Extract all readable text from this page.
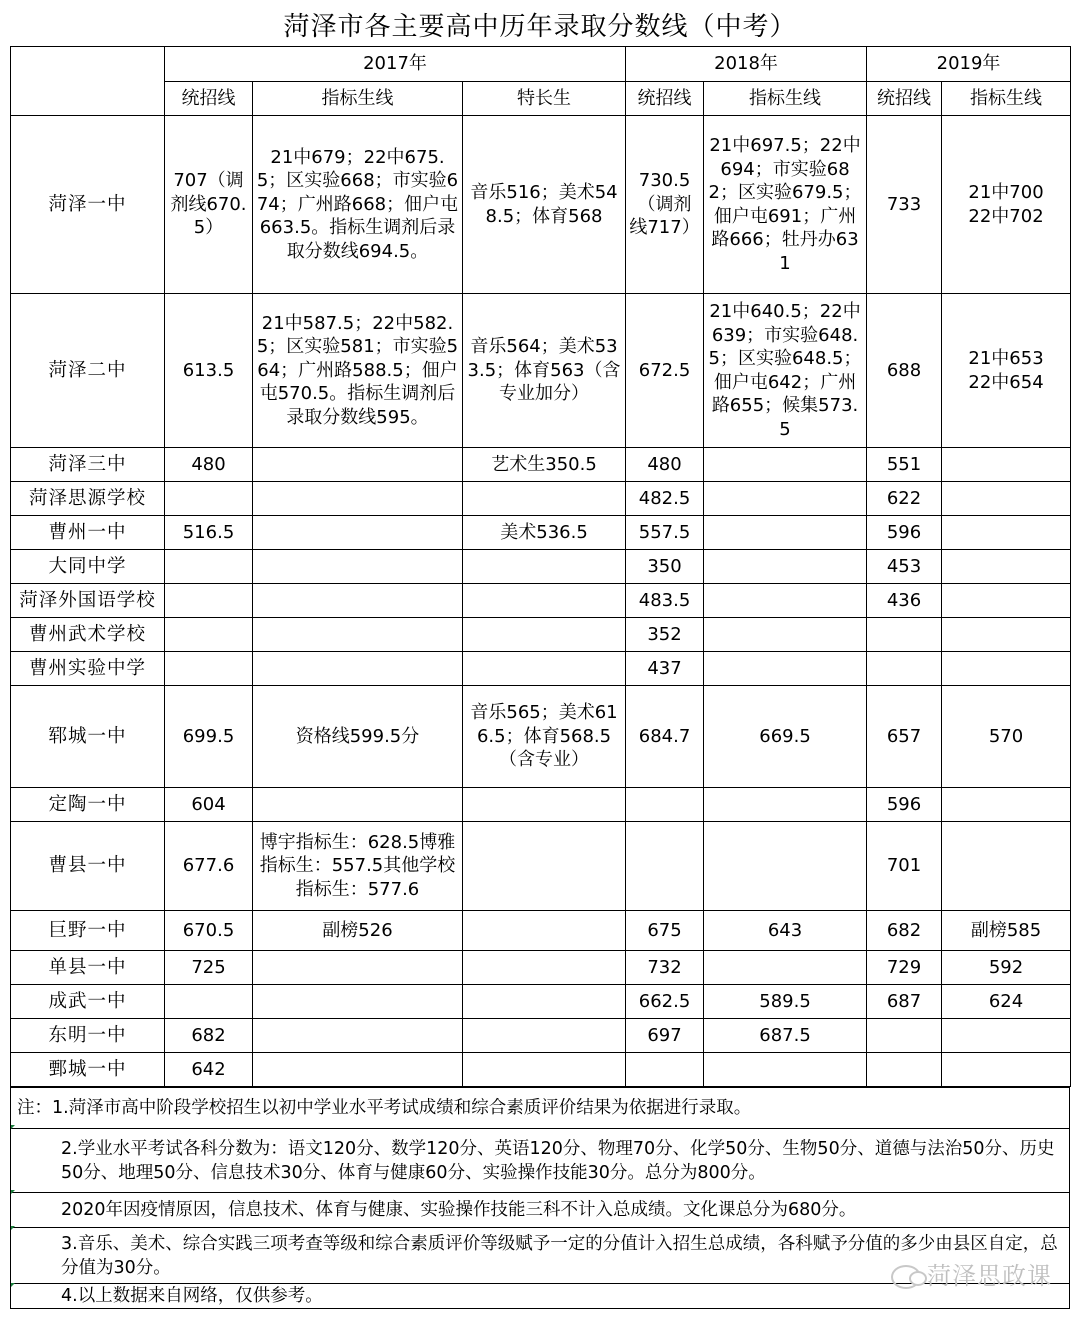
菏泽市各主要高中历年录取分数线（中考）
	2017年			2018年		2019年	
	统招线	指标生线	特长生	统招线	指标生线	统招线	指标生线
菏泽一中	707（调剂线670.5）	21中679；22中675.5；区实验668；市实验674；广州路668；佃户屯663.5。指标生调剂后录取分数线694.5。	音乐516；美术548.5；体育568	730.5（调剂线717）	21中697.5；22中694；市实验682；区实验679.5；佃户屯691；广州路666；牡丹办631	733	21中700
22中702
菏泽二中	613.5	21中587.5；22中582.5；区实验581；市实验564；广州路588.5；佃户屯570.5。指标生调剂后录取分数线595。	音乐564；美术533.5；体育563（含专业加分）	672.5	21中640.5；22中639；市实验648.5；区实验648.5；佃户屯642；广州路655；候集573.5	688	21中653
22中654
菏泽三中	480		艺术生350.5	480		551	
菏泽思源学校				482.5		622	
曹州一中	516.5		美术536.5	557.5		596	
大同中学				350		453	
菏泽外国语学校				483.5		436	
曹州武术学校				352			
曹州实验中学				437			
郓城一中	699.5	资格线599.5分	音乐565；美术616.5；体育568.5（含专业）	684.7	669.5	657	570
定陶一中	604					596	
曹县一中	677.6	博宇指标生：628.5博雅指标生：557.5其他学校指标生：577.6				701	
巨野一中	670.5	副榜526		675	643	682	副榜585
单县一中	725			732		729	592
成武一中				662.5	589.5	687	624
东明一中	682			697	687.5		
鄄城一中	642						
注：1.菏泽市高中阶段学校招生以初中学业水平考试成绩和综合素质评价结果为依据进行录取。
2.学业水平考试各科分数为：语文120分、数学120分、英语120分、物理70分、化学50分、生物50分、道德与法治50分、历史50分、地理50分、信息技术30分、体育与健康60分、实验操作技能30分。总分为800分。
2020年因疫情原因，信息技术、体育与健康、实验操作技能三科不计入总成绩。文化课总分为680分。
3.音乐、美术、综合实践三项考查等级和综合素质评价等级赋予一定的分值计入招生总成绩，各科赋予分值的多少由县区自定，总分值为30分。
4.以上数据来自网络，仅供参考。
菏泽思政课
